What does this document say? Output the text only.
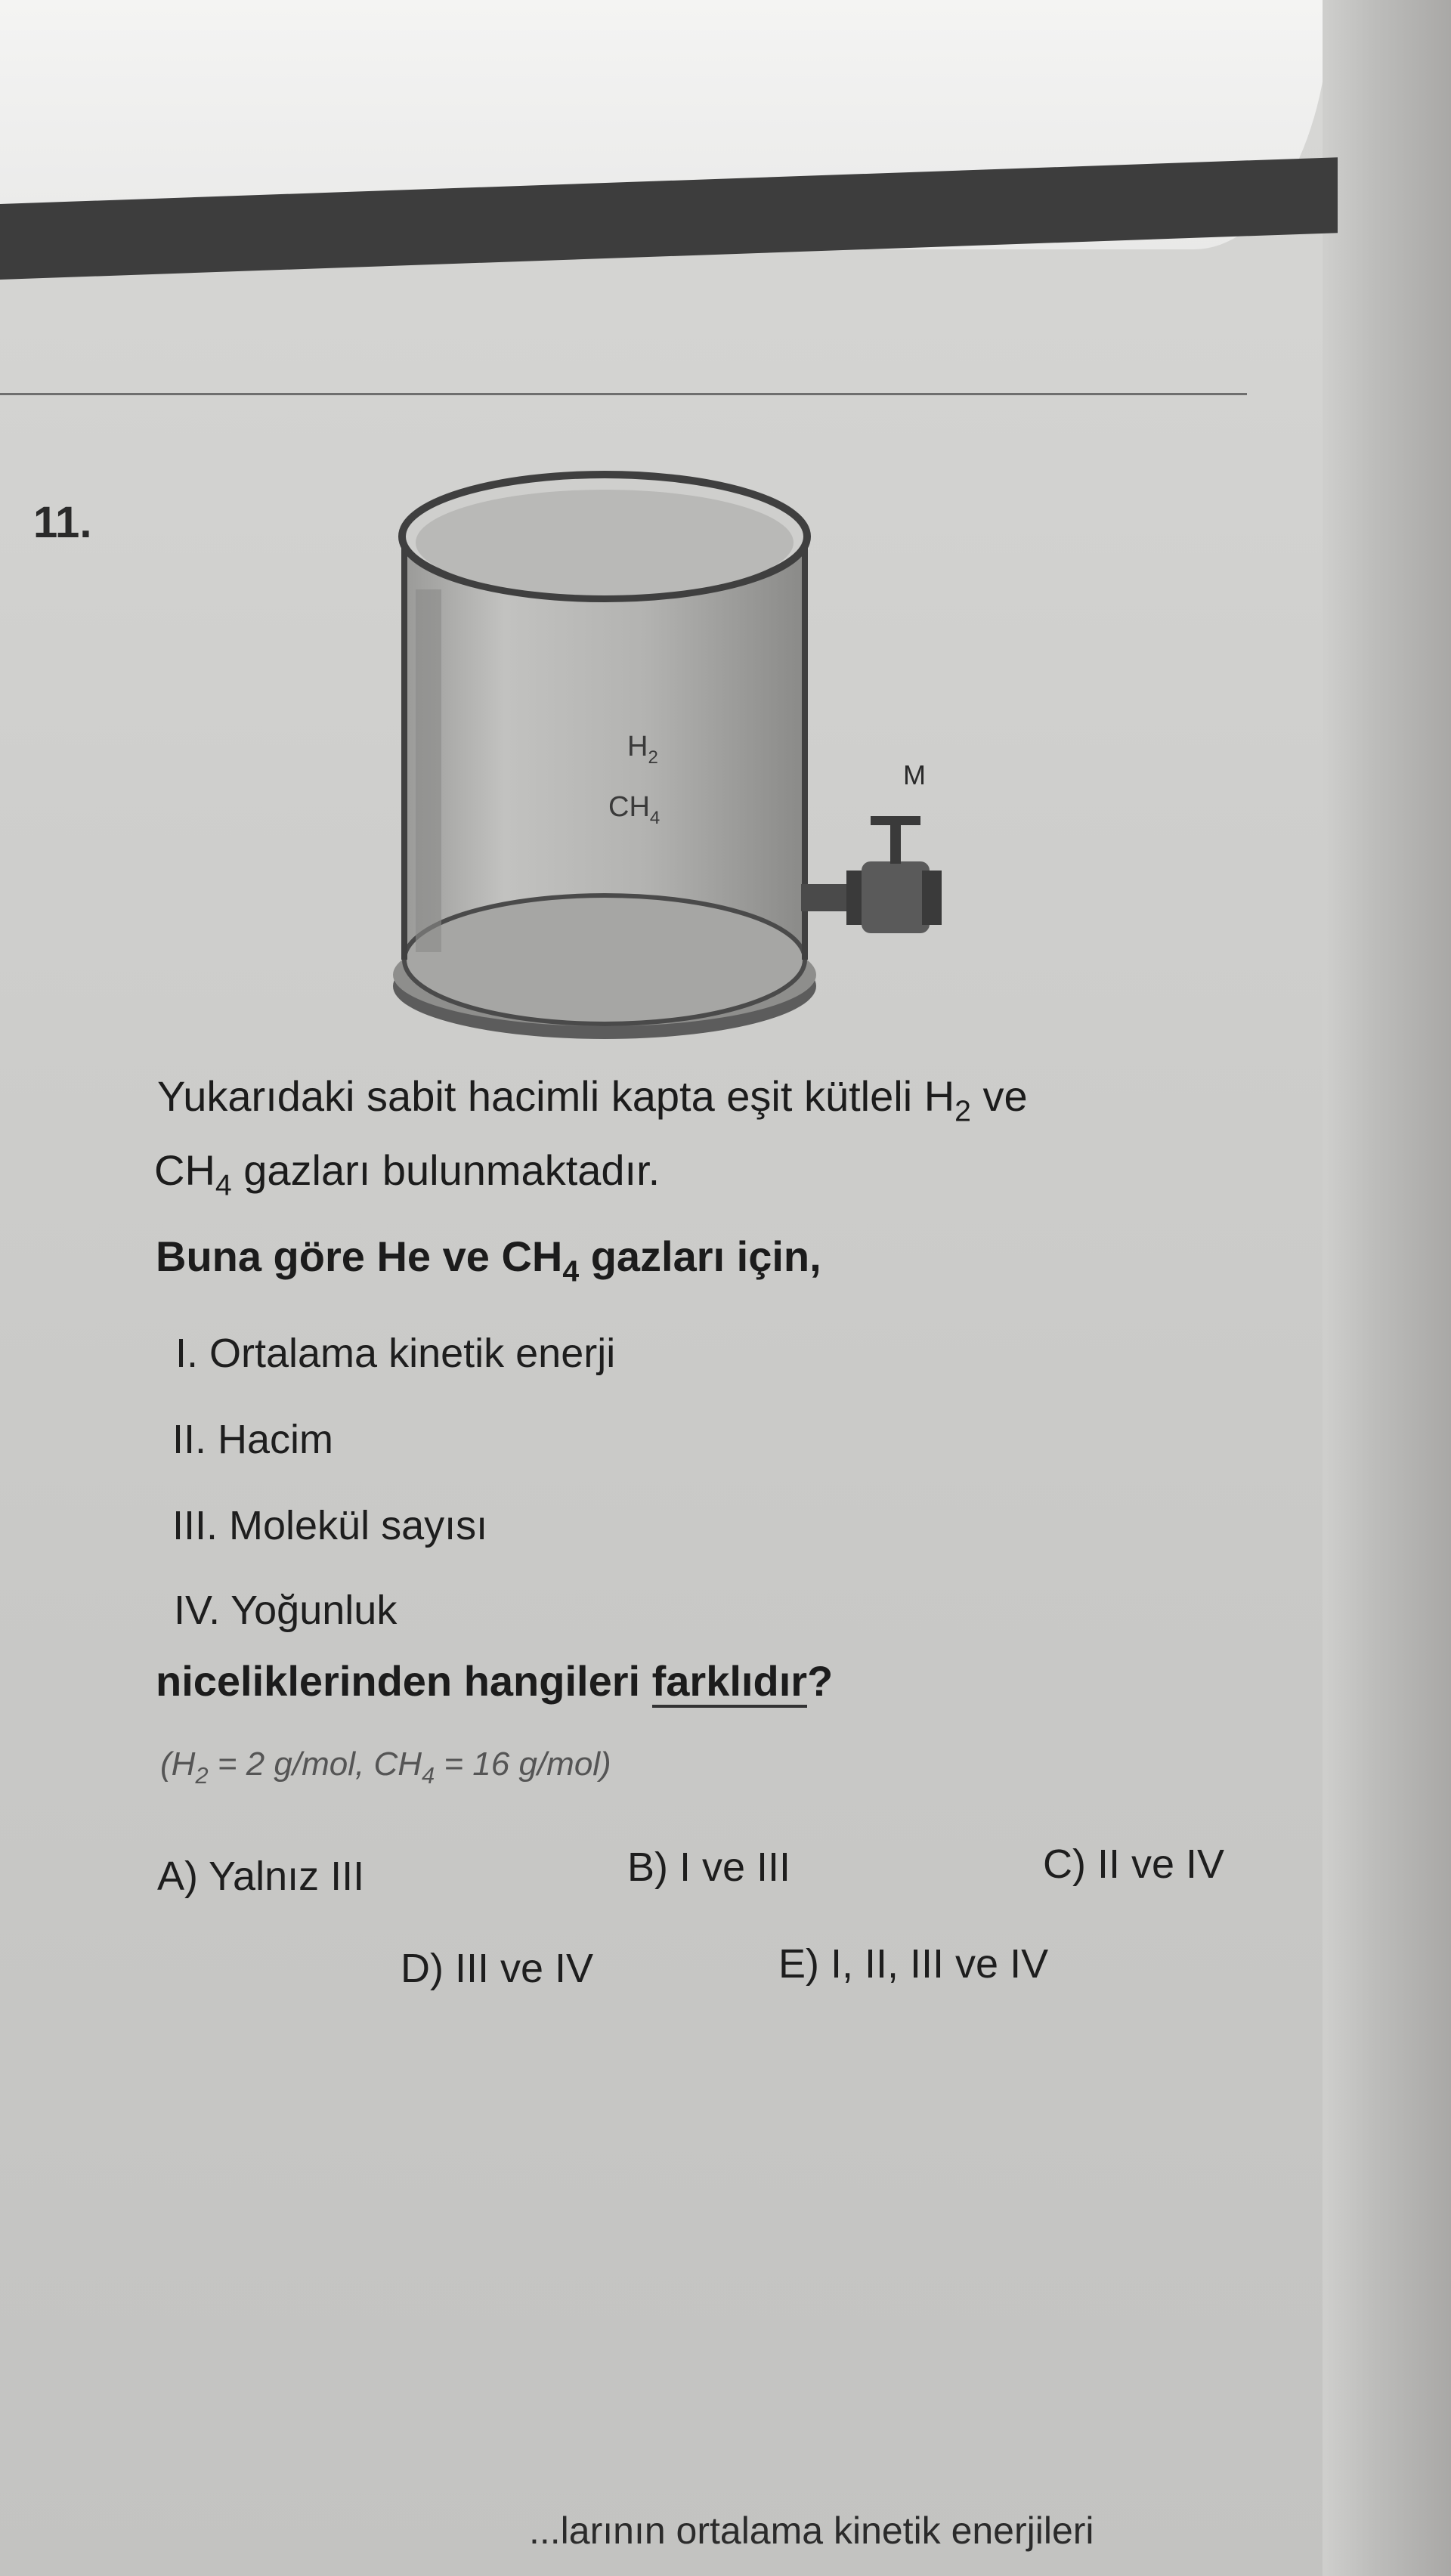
11.
$H_2$
$CH_4$
M
Yukarıdaki sabit hacimli kapta eşit kütleli $H_2$ ve
$CH_4$ gazları bulunmaktadır.
Buna göre He ve $CH_4$ gazları için,
I. Ortalama kinetik enerji
II. Hacim
III. Molekül sayısı
IV. Yoğunluk
niceliklerinden hangileri farklıdır?
($H_2 = 2$ g/mol, $CH_4 = 16$ g/mol)
A) Yalnız III	B) I ve III	C) II ve IV
D) III ve IV	E) I, II, III ve IV
...larının ortalama kinetik enerjileri
